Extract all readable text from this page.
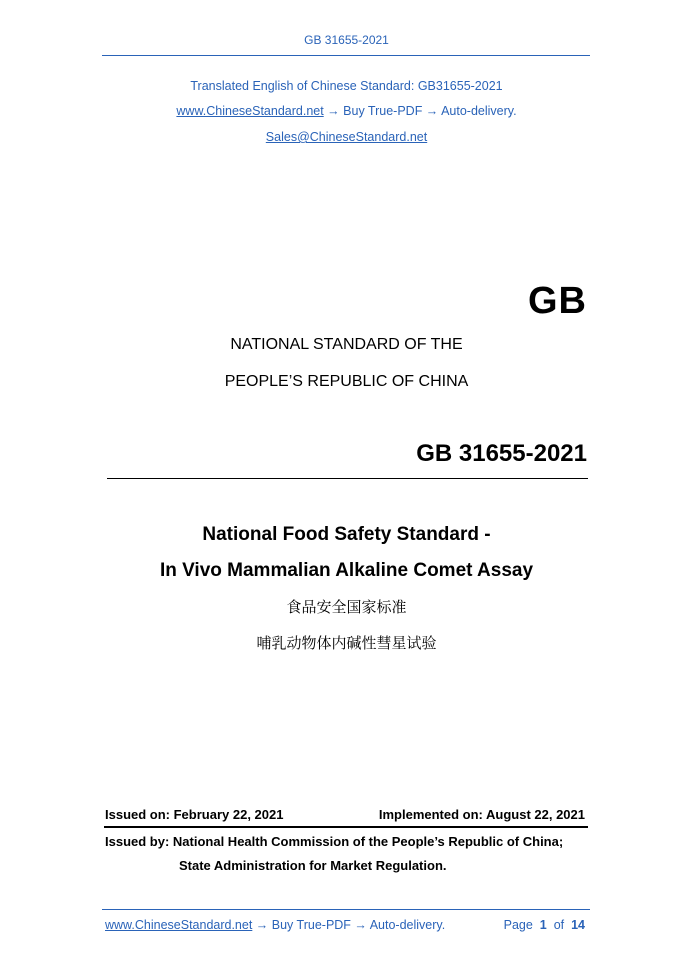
GB 31655-2021
Translated English of Chinese Standard: GB31655-2021
www.ChineseStandard.net → Buy True-PDF → Auto-delivery.
Sales@ChineseStandard.net
GB
NATIONAL STANDARD OF THE
PEOPLE’S REPUBLIC OF CHINA
GB 31655-2021
National Food Safety Standard -
In Vivo Mammalian Alkaline Comet Assay
食品安全国家标准
哺乳动物体内碱性彗星试验
Issued on: February 22, 2021	Implemented on: August 22, 2021
Issued by: National Health Commission of the People’s Republic of China;
State Administration for Market Regulation.
www.ChineseStandard.net → Buy True-PDF → Auto-delivery.	Page 1 of 14
